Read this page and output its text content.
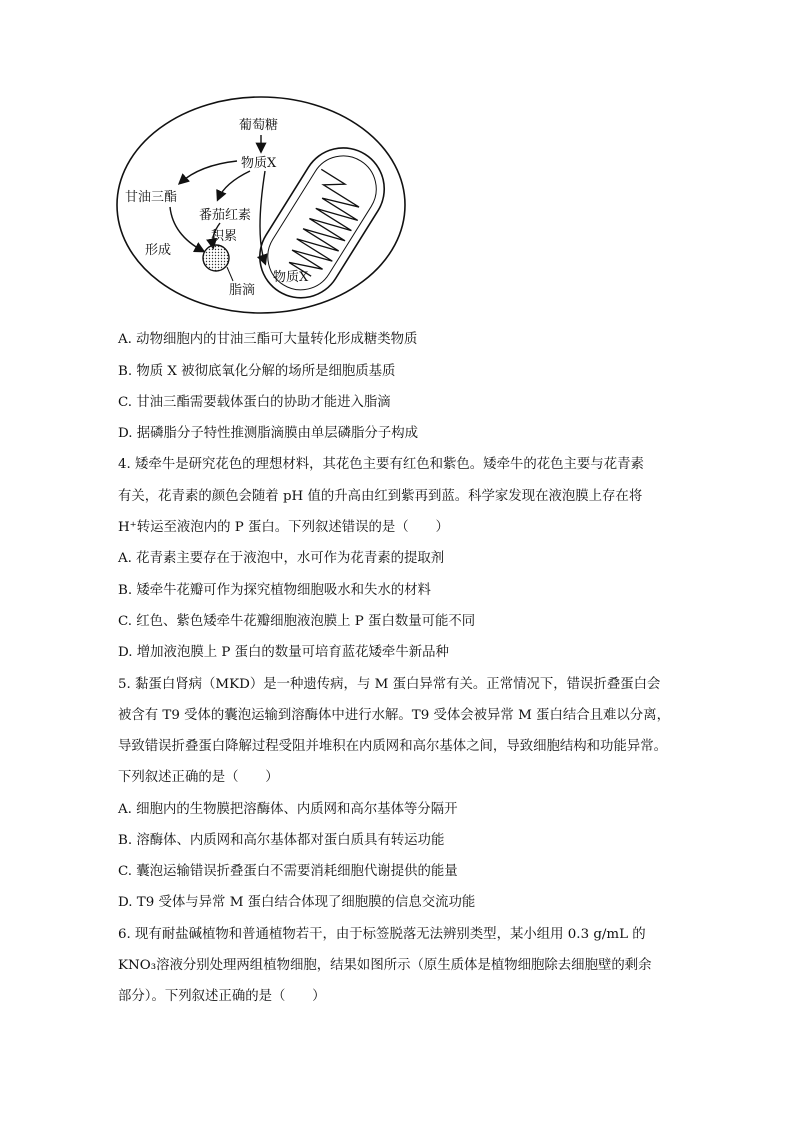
葡萄糖
物质X
甘油三酯
番茄红素
积累
形成
脂滴
物质X
A. 动物细胞内的甘油三酯可大量转化形成糖类物质
B. 物质 X 被彻底氧化分解的场所是细胞质基质
C. 甘油三酯需要载体蛋白的协助才能进入脂滴
D. 据磷脂分子特性推测脂滴膜由单层磷脂分子构成
4. 矮牵牛是研究花色的理想材料，其花色主要有红色和紫色。矮牵牛的花色主要与花青素
有关，花青素的颜色会随着 pH 值的升高由红到紫再到蓝。科学家发现在液泡膜上存在将
H⁺转运至液泡内的 P 蛋白。下列叙述错误的是（　　）
A. 花青素主要存在于液泡中，水可作为花青素的提取剂
B. 矮牵牛花瓣可作为探究植物细胞吸水和失水的材料
C. 红色、紫色矮牵牛花瓣细胞液泡膜上 P 蛋白数量可能不同
D. 增加液泡膜上 P 蛋白的数量可培育蓝花矮牵牛新品种
5. 黏蛋白肾病（MKD）是一种遗传病，与 M 蛋白异常有关。正常情况下，错误折叠蛋白会
被含有 T9 受体的囊泡运输到溶酶体中进行水解。T9 受体会被异常 M 蛋白结合且难以分离，
导致错误折叠蛋白降解过程受阻并堆积在内质网和高尔基体之间，导致细胞结构和功能异常。
下列叙述正确的是（　　）
A. 细胞内的生物膜把溶酶体、内质网和高尔基体等分隔开
B. 溶酶体、内质网和高尔基体都对蛋白质具有转运功能
C. 囊泡运输错误折叠蛋白不需要消耗细胞代谢提供的能量
D. T9 受体与异常 M 蛋白结合体现了细胞膜的信息交流功能
6. 现有耐盐碱植物和普通植物若干，由于标签脱落无法辨别类型，某小组用 0.3 g/mL 的
KNO₃溶液分别处理两组植物细胞，结果如图所示（原生质体是植物细胞除去细胞壁的剩余
部分）。下列叙述正确的是（　　）
